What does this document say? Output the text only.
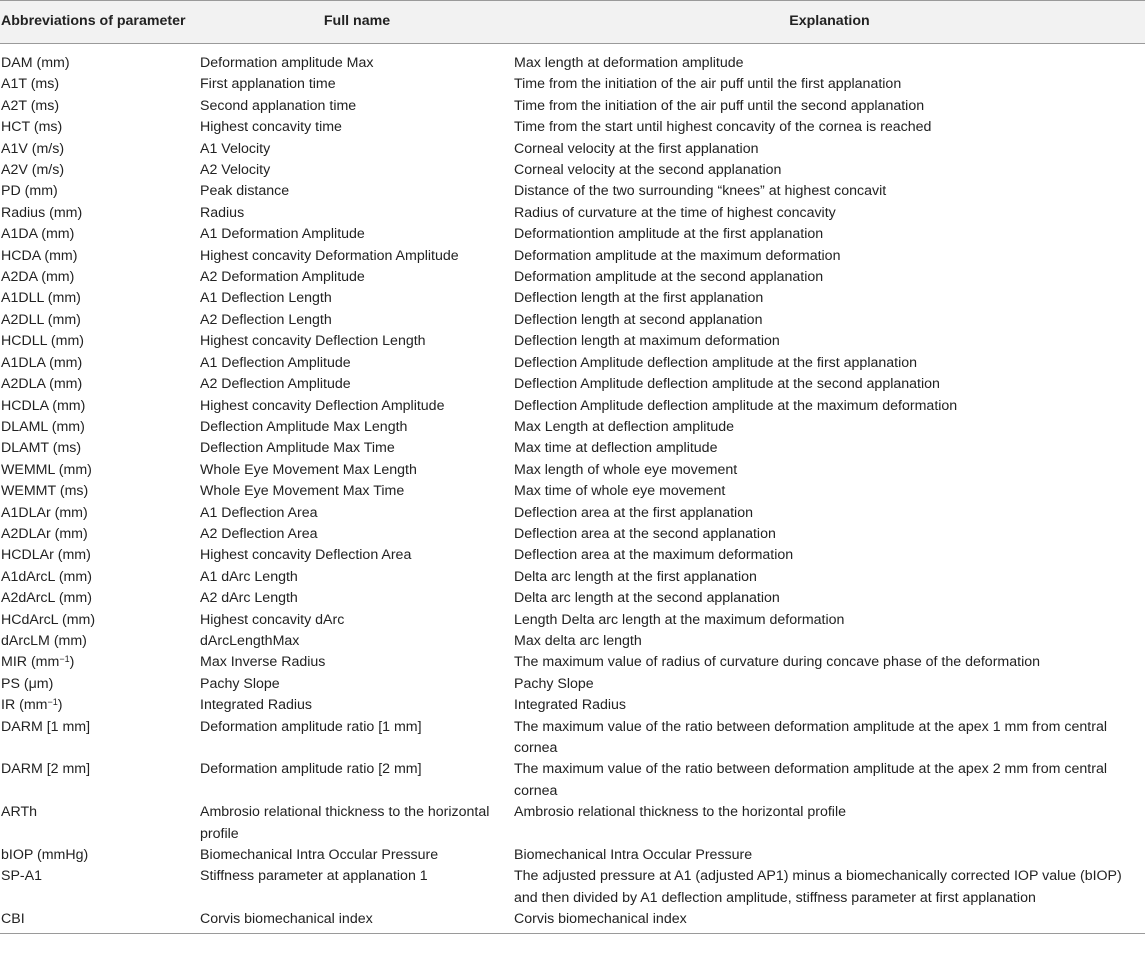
Abbreviations of parameter	Full name	Explanation
DAM (mm)	Deformation amplitude Max	Max length at deformation amplitude
A1T (ms)	First applanation time	Time from the initiation of the air puff until the first applanation
A2T (ms)	Second applanation time	Time from the initiation of the air puff until the second applanation
HCT (ms)	Highest concavity time	Time from the start until highest concavity of the cornea is reached
A1V (m/s)	A1 Velocity	Corneal velocity at the first applanation
A2V (m/s)	A2 Velocity	Corneal velocity at the second applanation
PD (mm)	Peak distance	Distance of the two surrounding “knees” at highest concavit
Radius (mm)	Radius	Radius of curvature at the time of highest concavity
A1DA (mm)	A1 Deformation Amplitude	Deformationtion amplitude at the first applanation
HCDA (mm)	Highest concavity Deformation Amplitude	Deformation amplitude at the maximum deformation
A2DA (mm)	A2 Deformation Amplitude	Deformation amplitude at the second applanation
A1DLL (mm)	A1 Deflection Length	Deflection length at the first applanation
A2DLL (mm)	A2 Deflection Length	Deflection length at second applanation
HCDLL (mm)	Highest concavity Deflection Length	Deflection length at maximum deformation
A1DLA (mm)	A1 Deflection Amplitude	Deflection Amplitude deflection amplitude at the first applanation
A2DLA (mm)	A2 Deflection Amplitude	Deflection Amplitude deflection amplitude at the second applanation
HCDLA (mm)	Highest concavity Deflection Amplitude	Deflection Amplitude deflection amplitude at the maximum deformation
DLAML (mm)	Deflection Amplitude Max Length	Max Length at deflection amplitude
DLAMT (ms)	Deflection Amplitude Max Time	Max time at deflection amplitude
WEMML (mm)	Whole Eye Movement Max Length	Max length of whole eye movement
WEMMT (ms)	Whole Eye Movement Max Time	Max time of whole eye movement
A1DLAr (mm)	A1 Deflection Area	Deflection area at the first applanation
A2DLAr (mm)	A2 Deflection Area	Deflection area at the second applanation
HCDLAr (mm)	Highest concavity Deflection Area	Deflection area at the maximum deformation
A1dArcL (mm)	A1 dArc Length	Delta arc length at the first applanation
A2dArcL (mm)	A2 dArc Length	Delta arc length at the second applanation
HCdArcL (mm)	Highest concavity dArc	Length Delta arc length at the maximum deformation
dArcLM (mm)	dArcLengthMax	Max delta arc length
MIR $(mm^{-1})$	Max Inverse Radius	The maximum value of radius of curvature during concave phase of the deformation
PS (μm)	Pachy Slope	Pachy Slope
IR $(mm^{-1})$	Integrated Radius	Integrated Radius
DARM [1 mm]	Deformation amplitude ratio [1 mm]	The maximum value of the ratio between deformation amplitude at the apex 1 mm from central cornea
DARM [2 mm]	Deformation amplitude ratio [2 mm]	The maximum value of the ratio between deformation amplitude at the apex 2 mm from central cornea
ARTh	Ambrosio relational thickness to the horizontal profile	Ambrosio relational thickness to the horizontal profile
bIOP (mmHg)	Biomechanical Intra Occular Pressure	Biomechanical Intra Occular Pressure
SP-A1	Stiffness parameter at applanation 1	The adjusted pressure at A1 (adjusted AP1) minus a biomechanically corrected IOP value (bIOP) and then divided by A1 deflection amplitude, stiffness parameter at first applanation
CBI	Corvis biomechanical index	Corvis biomechanical index
